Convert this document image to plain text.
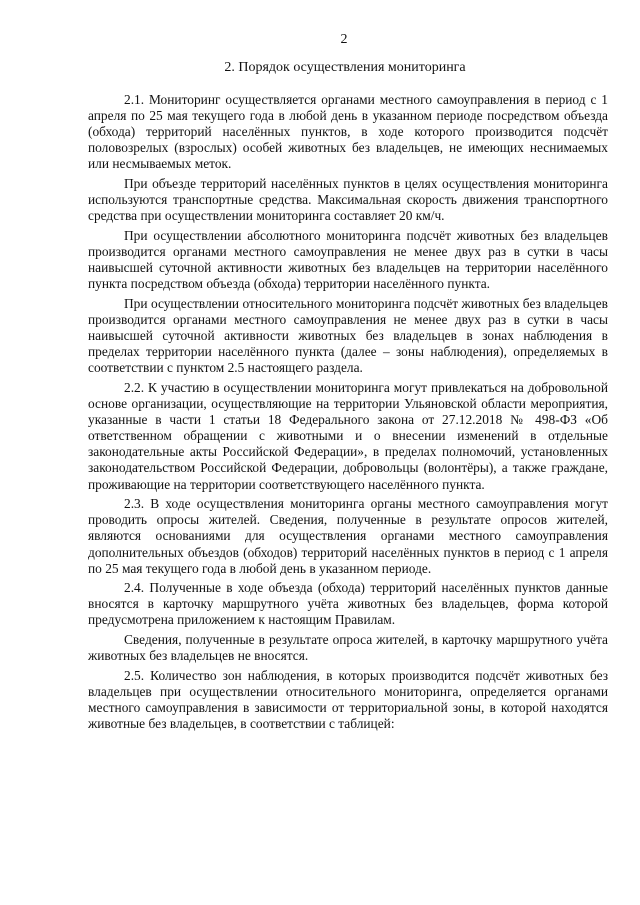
2
2. Порядок осуществления мониторинга

2.1. Мониторинг осуществляется органами местного самоуправления в период с 1 апреля по 25 мая текущего года в любой день в указанном периоде посредством объезда (обхода) территорий населённых пунктов, в ходе которого производится подсчёт половозрелых (взрослых) особей животных без владельцев, не имеющих неснимаемых или несмываемых меток.

При объезде территорий населённых пунктов в целях осуществления мониторинга используются транспортные средства. Максимальная скорость движения транспортного средства при осуществлении мониторинга составляет 20 км/ч.

При осуществлении абсолютного мониторинга подсчёт животных без владельцев производится органами местного самоуправления не менее двух раз в сутки в часы наивысшей суточной активности животных без владельцев на территории населённого пункта посредством объезда (обхода) территории населённого пункта.

При осуществлении относительного мониторинга подсчёт животных без владельцев производится органами местного самоуправления не менее двух раз в сутки в часы наивысшей суточной активности животных без владельцев в зонах наблюдения в пределах территории населённого пункта (далее – зоны наблюдения), определяемых в соответствии с пунктом 2.5 настоящего раздела.

2.2. К участию в осуществлении мониторинга могут привлекаться на добровольной основе организации, осуществляющие на территории Ульяновской области мероприятия, указанные в части 1 статьи 18 Федерального закона от 27.12.2018 № 498-ФЗ «Об ответственном обращении с животными и о внесении изменений в отдельные законодательные акты Российской Федерации», в пределах полномочий, установленных законодательством Российской Федерации, добровольцы (волонтёры), а также граждане, проживающие на территории соответствующего населённого пункта.

2.3. В ходе осуществления мониторинга органы местного самоуправления могут проводить опросы жителей. Сведения, полученные в результате опросов жителей, являются основаниями для осуществления органами местного самоуправления дополнительных объездов (обходов) территорий населённых пунктов в период с 1 апреля по 25 мая текущего года в любой день в указанном периоде.

2.4. Полученные в ходе объезда (обхода) территорий населённых пунктов данные вносятся в карточку маршрутного учёта животных без владельцев, форма которой предусмотрена приложением к настоящим Правилам.

Сведения, полученные в результате опроса жителей, в карточку маршрутного учёта животных без владельцев не вносятся.

2.5. Количество зон наблюдения, в которых производится подсчёт животных без владельцев при осуществлении относительного мониторинга, определяется органами местного самоуправления в зависимости от территориальной зоны, в которой находятся животные без владельцев, в соответствии с таблицей:
